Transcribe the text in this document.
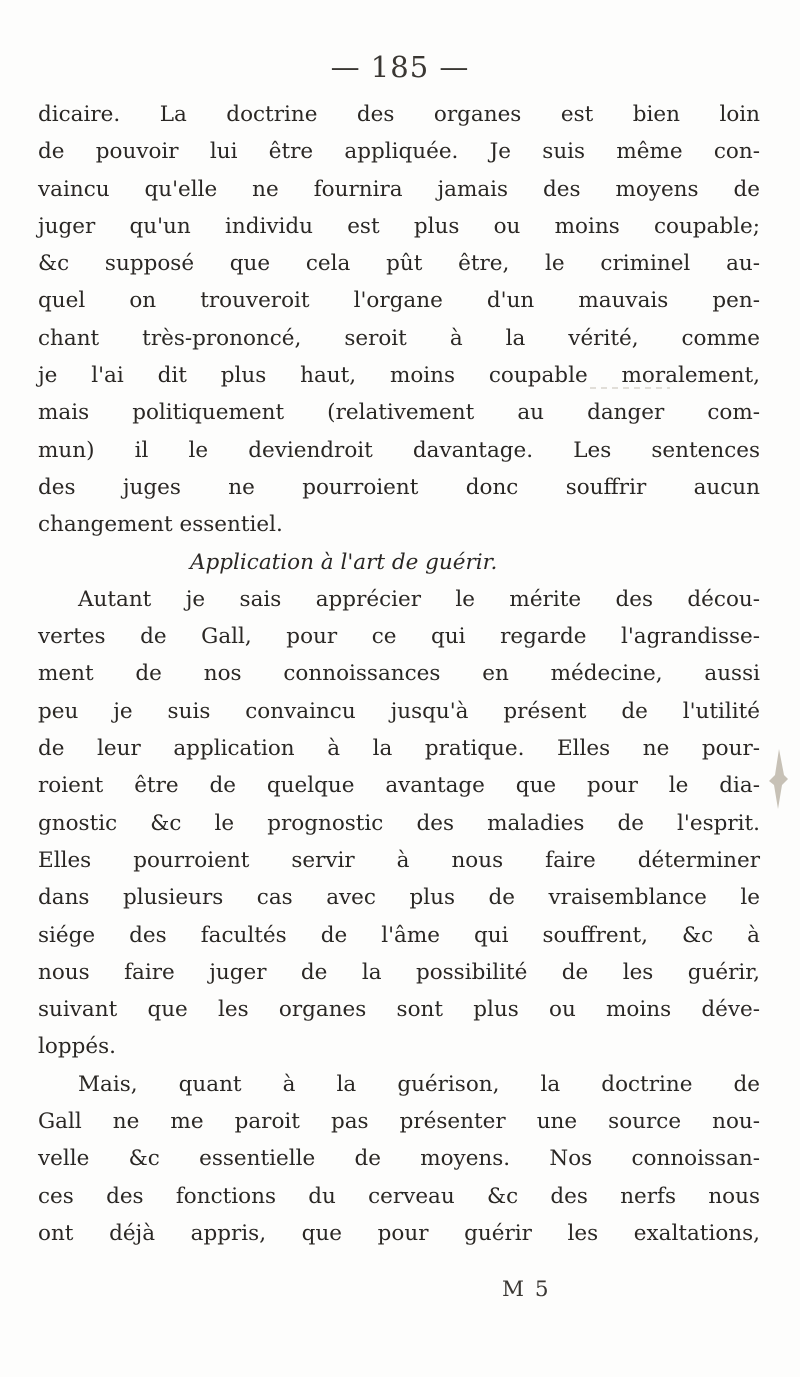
— 185 —
dicaire. La doctrine des organes est bien loin
de pouvoir lui être appliquée. Je suis même con-
vaincu qu'elle ne fournira jamais des moyens de
juger qu'un individu est plus ou moins coupable;
&c supposé que cela pût être, le criminel au-
quel on trouveroit l'organe d'un mauvais pen-
chant très-prononcé, seroit à la vérité, comme
je l'ai dit plus haut, moins coupable moralement,
mais politiquement (relativement au danger com-
mun) il le deviendroit davantage. Les sentences
des juges ne pourroient donc souffrir aucun
changement essentiel.
Application à l'art de guérir.
Autant je sais apprécier le mérite des décou-
vertes de Gall, pour ce qui regarde l'agrandisse-
ment de nos connoissances en médecine, aussi
peu je suis convaincu jusqu'à présent de l'utilité
de leur application à la pratique. Elles ne pour-
roient être de quelque avantage que pour le dia-
gnostic &c le prognostic des maladies de l'esprit.
Elles pourroient servir à nous faire déterminer
dans plusieurs cas avec plus de vraisemblance le
siége des facultés de l'âme qui souffrent, &c à
nous faire juger de la possibilité de les guérir,
suivant que les organes sont plus ou moins déve-
loppés.
Mais, quant à la guérison, la doctrine de
Gall ne me paroit pas présenter une source nou-
velle &c essentielle de moyens. Nos connoissan-
ces des fonctions du cerveau &c des nerfs nous
ont déjà appris, que pour guérir les exaltations,
M 5
